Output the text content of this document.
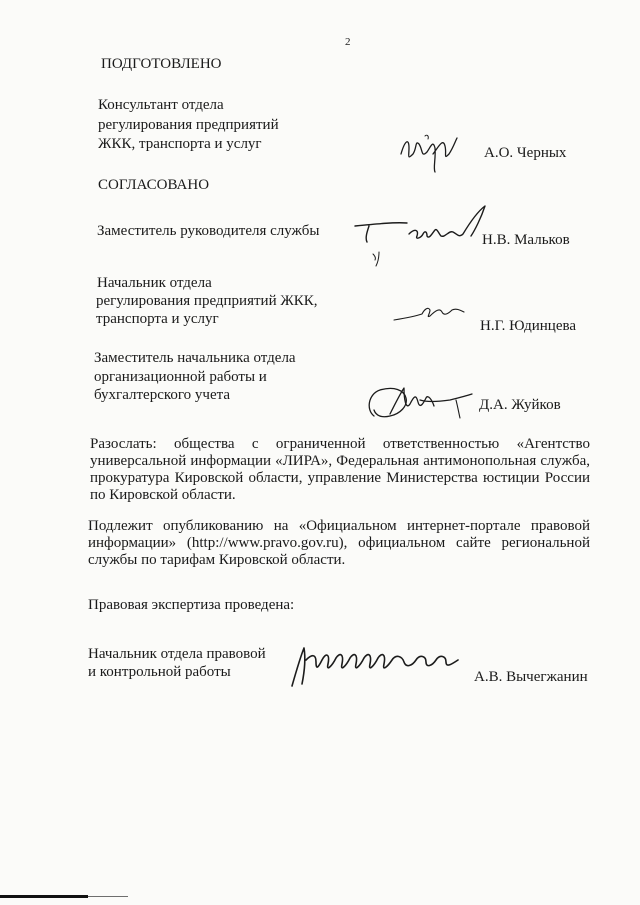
2
ПОДГОТОВЛЕНО
Консультант отдела
регулирования предприятий
ЖКК, транспорта и услуг
А.О. Черных
СОГЛАСОВАНО
Заместитель руководителя службы
Н.В. Мальков
Начальник отдела
регулирования предприятий ЖКК,
транспорта и услуг	Н.Г. Юдинцева
Заместитель начальника отдела
организационной работы и
бухгалтерского учета
Д.А. Жуйков
Разослать: общества с ограниченной ответственностью «Агентство универсальной информации «ЛИРА», Федеральная антимонопольная служба, прокуратура Кировской области, управление Министерства юстиции России по Кировской области.
Подлежит опубликованию на «Официальном интернет-портале правовой информации» (http://www.pravo.gov.ru), официальном сайте региональной службы по тарифам Кировской области.
Правовая экспертиза проведена:
Начальник отдела правовой
и контрольной работы	А.В. Вычегжанин
